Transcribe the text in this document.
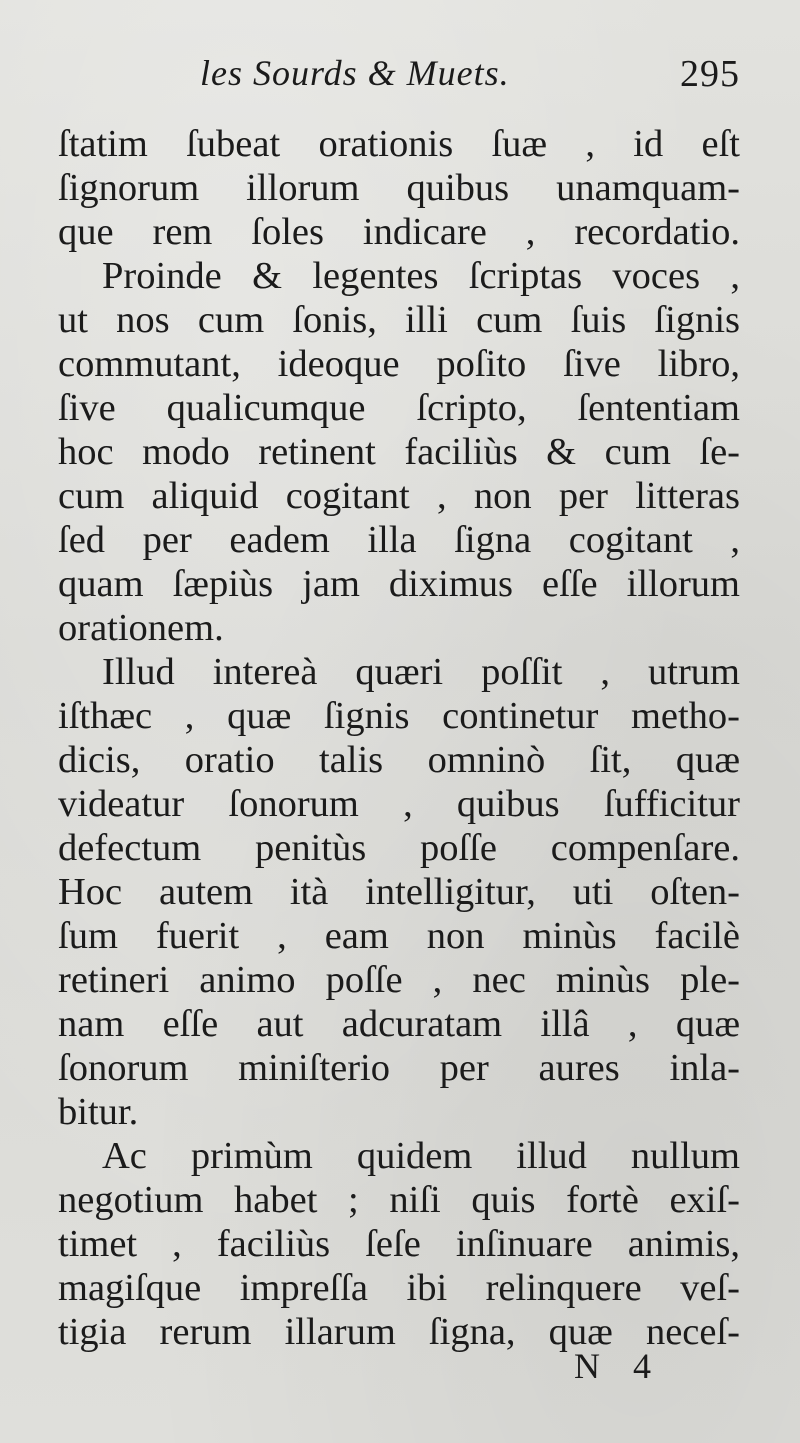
les Sourds & Muets.	295
ſtatim ſubeat orationis ſuæ , id eſt
ſignorum illorum quibus unamquam-
que rem ſoles indicare , recordatio.
Proinde & legentes ſcriptas voces ,
ut nos cum ſonis, illi cum ſuis ſignis
commutant, ideoque poſito ſive libro,
ſive qualicumque ſcripto, ſententiam
hoc modo retinent faciliùs & cum ſe-
cum aliquid cogitant , non per litteras
ſed per eadem illa ſigna cogitant ,
quam ſæpiùs jam diximus eſſe illorum
orationem.
Illud intereà quæri poſſit , utrum
iſthæc , quæ ſignis continetur metho-
dicis, oratio talis omninò ſit, quæ
videatur ſonorum , quibus ſufficitur
defectum penitùs poſſe compenſare.
Hoc autem ità intelligitur, uti oſten-
ſum fuerit , eam non minùs facilè
retineri animo poſſe , nec minùs ple-
nam eſſe aut adcuratam illâ , quæ
ſonorum miniſterio per aures inla-
bitur.
Ac primùm quidem illud nullum
negotium habet ; niſi quis fortè exiſ-
timet , faciliùs ſeſe inſinuare animis,
magiſque impreſſa ibi relinquere veſ-
tigia rerum illarum ſigna, quæ neceſ-
N 4
